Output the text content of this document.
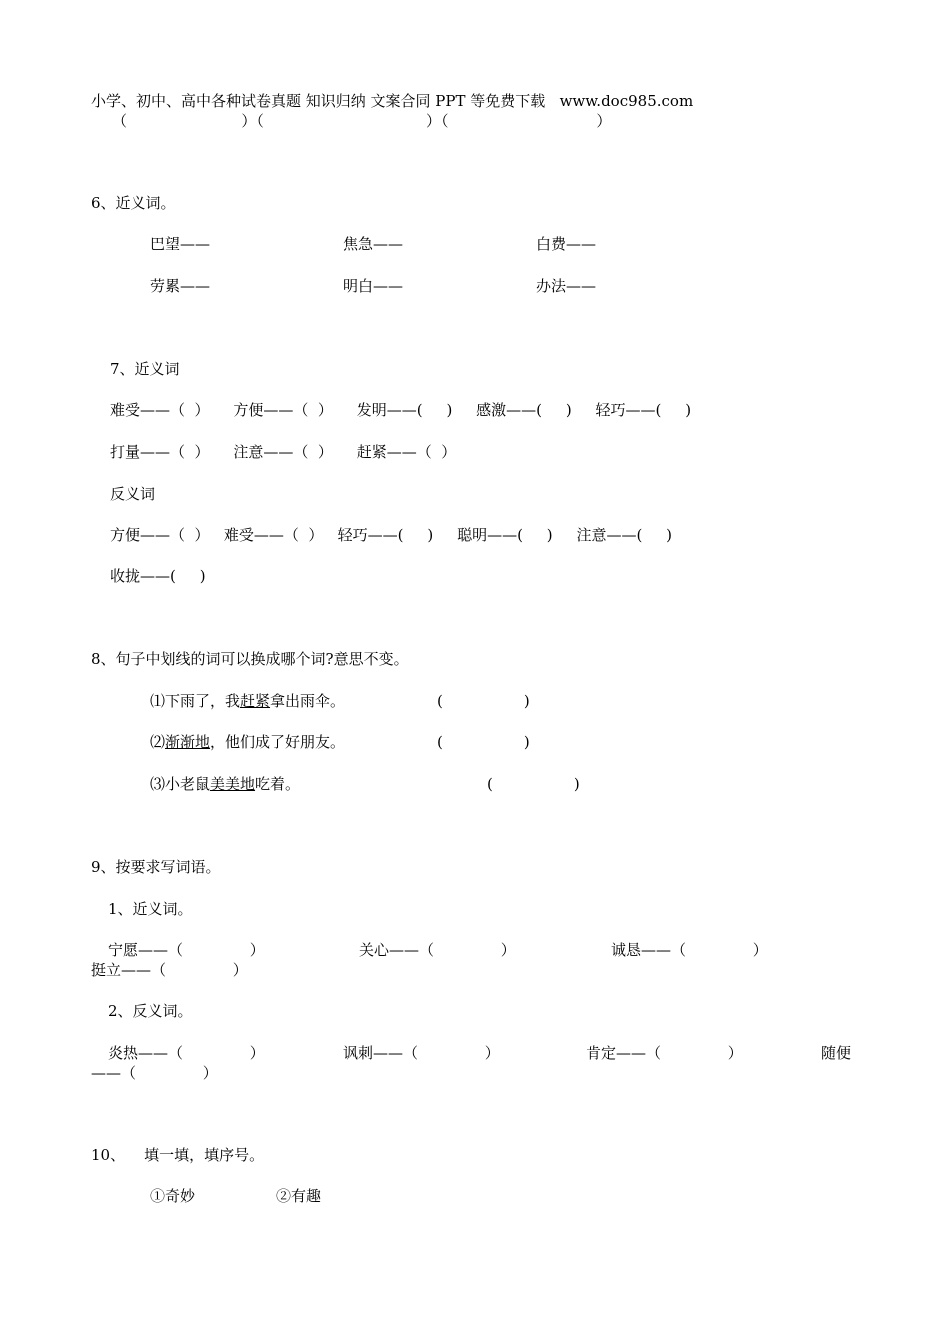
小学、初中、高中各种试卷真题 知识归纳 文案合同 PPT 等免费下载   www.doc985.com
（                        ）（                                  ）（                               ）
6、近义词。
巴望——	焦急——	白费——
劳累——	明白——	办法——
7、近义词
难受——（  ）     方便——（  ）     发明——(     )     感激——(     )     轻巧——(     )
打量——（  ）     注意——（  ）     赶紧——（  ）
反义词
方便——（  ）   难受——（  ）   轻巧——(     )     聪明——(     )     注意——(     )
收拢——(     )
8、句子中划线的词可以换成哪个词?意思不变。
⑴下雨了，我赶紧拿出雨伞。	(                 )
⑵渐渐地，他们成了好朋友。	(                 )
⑶小老鼠美美地吃着。	(                 )
9、按要求写词语。
1、近义词。
宁愿——（              ）	关心——（              ）	诚恳——（              ）
挺立——（              ）
2、反义词。
炎热——（              ）	讽刺——（              ）	肯定——（              ）	随便
——（              ）
10、    填一填，填序号。
①奇妙	②有趣
